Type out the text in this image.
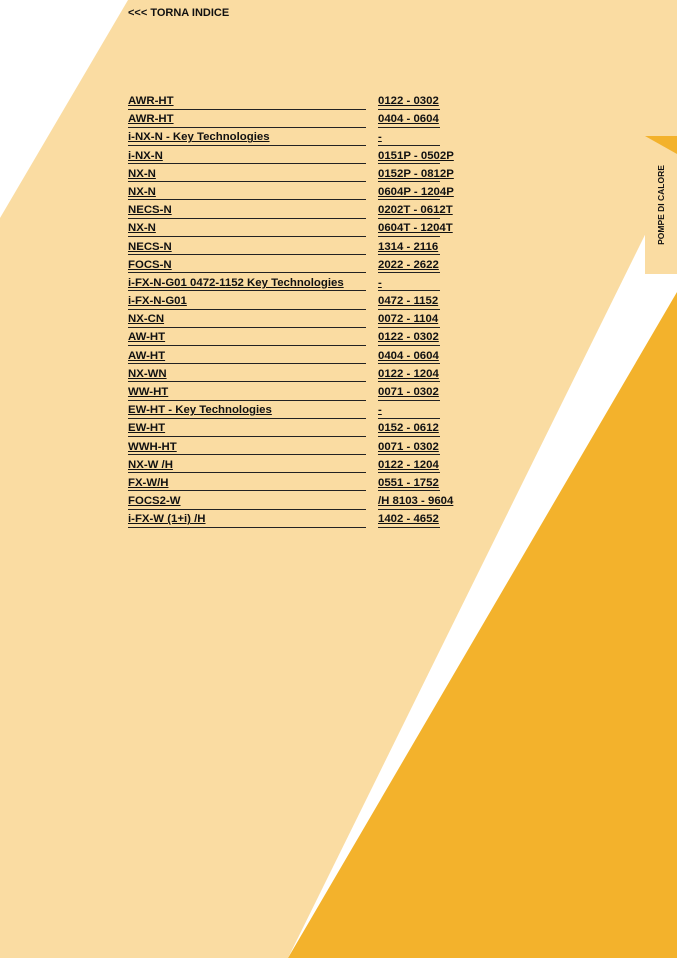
<<< TORNA INDICE
POMPE DI CALORE
AWR-HT	0122 - 0302
AWR-HT	0404 - 0604
i-NX-N - Key Technologies	-
i-NX-N	0151P - 0502P
NX-N	0152P - 0812P
NX-N	0604P - 1204P
NECS-N	0202T - 0612T
NX-N	0604T - 1204T
NECS-N	1314 - 2116
FOCS-N	2022 - 2622
i-FX-N-G01 0472-1152 Key Technologies	-
i-FX-N-G01	0472 - 1152
NX-CN	0072 - 1104
AW-HT	0122 - 0302
AW-HT	0404 - 0604
NX-WN	0122 - 1204
WW-HT	0071 - 0302
EW-HT - Key Technologies	-
EW-HT	0152 - 0612
WWH-HT	0071 - 0302
NX-W /H	0122 - 1204
FX-W/H	0551 - 1752
FOCS2-W	/H 8103 - 9604
i-FX-W (1+i) /H	1402 - 4652
